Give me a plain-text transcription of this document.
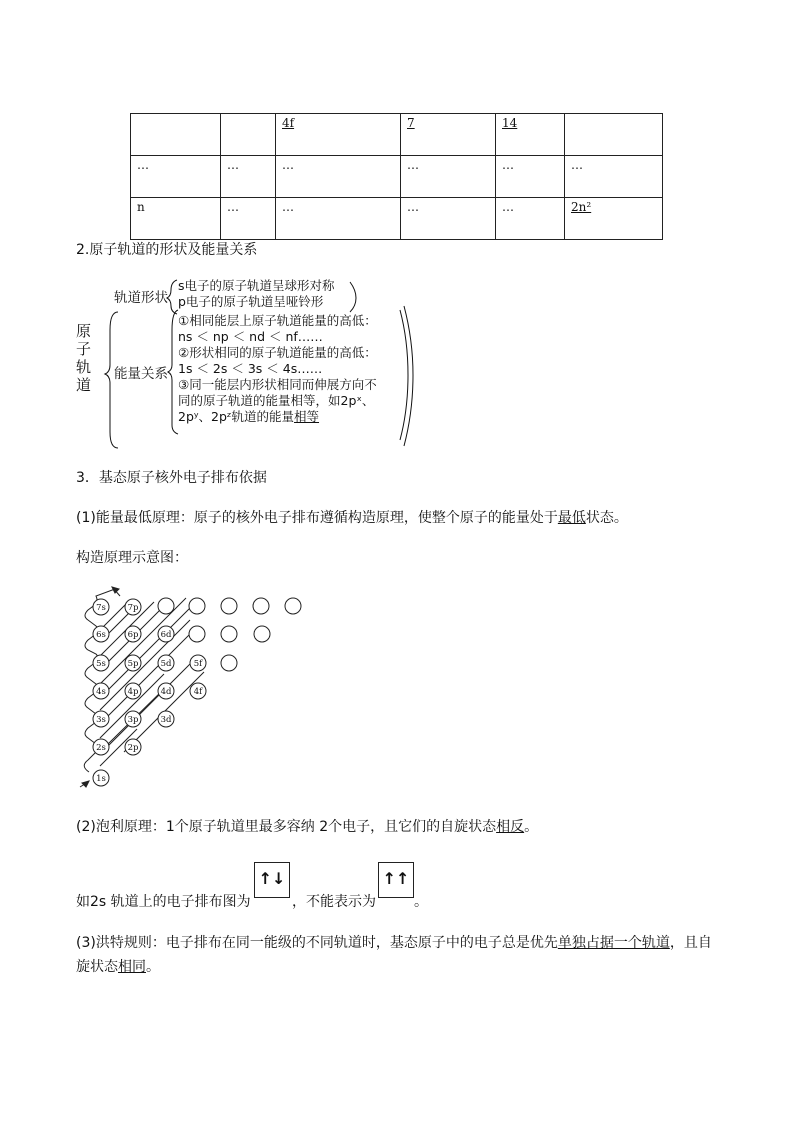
		4f	7	14	
…	…	…	…	…	…
n	…	…	…	…	2n²
2.原子轨道的形状及能量关系
原
子
轨
道
轨道形状
s电子的原子轨道呈球形对称
p电子的原子轨道呈哑铃形
能量关系
①相同能层上原子轨道能量的高低：
ns ＜ np ＜ nd ＜ nf……
②形状相同的原子轨道能量的高低：
1s ＜ 2s ＜ 3s ＜ 4s……
③同一能层内形状相同而伸展方向不
同的原子轨道的能量相等，如2pˣ、
2pʸ、2pᶻ轨道的能量相等
3．基态原子核外电子排布依据
(1)能量最低原理：原子的核外电子排布遵循构造原理，使整个原子的能量处于最低状态。
构造原理示意图：
7s	7p
6s	6p	6d
5s	5p	5d	5f
4s	4p	4d	4f
3s	3p	3d
2s	2p
1s
(2)泡利原理：1个原子轨道里最多容纳 2个电子，且它们的自旋状态相反。
如2s 轨道上的电子排布图为
↑↓
，不能表示为
↑↑
。
(3)洪特规则：电子排布在同一能级的不同轨道时，基态原子中的电子总是优先单独占据一个轨道，且自
旋状态相同。
